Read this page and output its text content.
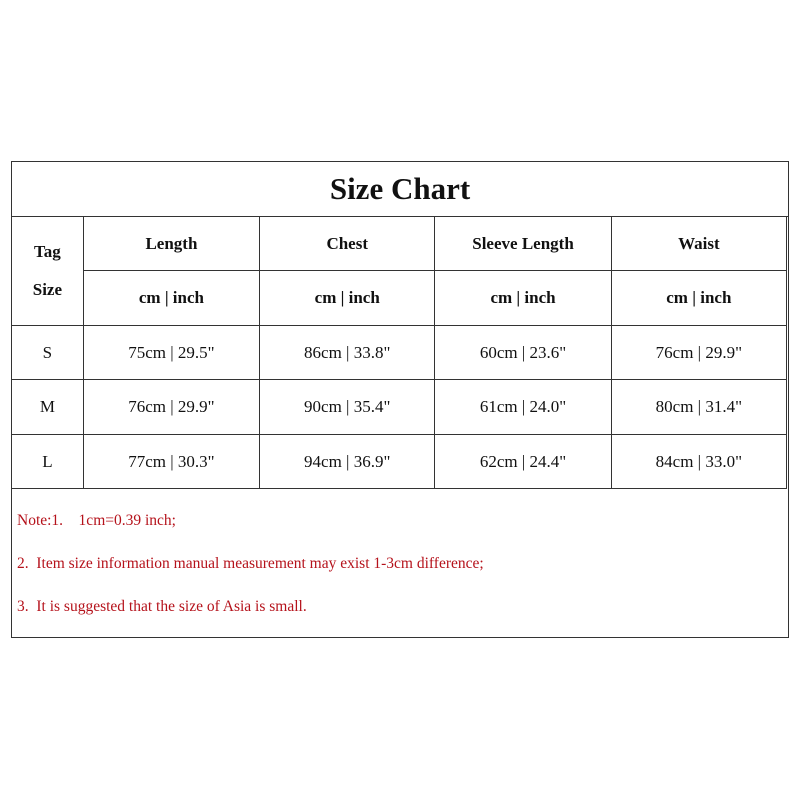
Size Chart
Tag
Size	Length	Chest	Sleeve Length	Waist
	cm | inch	cm | inch	cm | inch	cm | inch
S	75cm | 29.5"	86cm | 33.8"	60cm | 23.6"	76cm | 29.9"
M	76cm | 29.9"	90cm | 35.4"	61cm | 24.0"	80cm | 31.4"
L	77cm | 30.3"	94cm | 36.9"	62cm | 24.4"	84cm | 33.0"
Note:1.    1cm=0.39 inch;
2.  Item size information manual measurement may exist 1-3cm difference;
3.  It is suggested that the size of Asia is small.
